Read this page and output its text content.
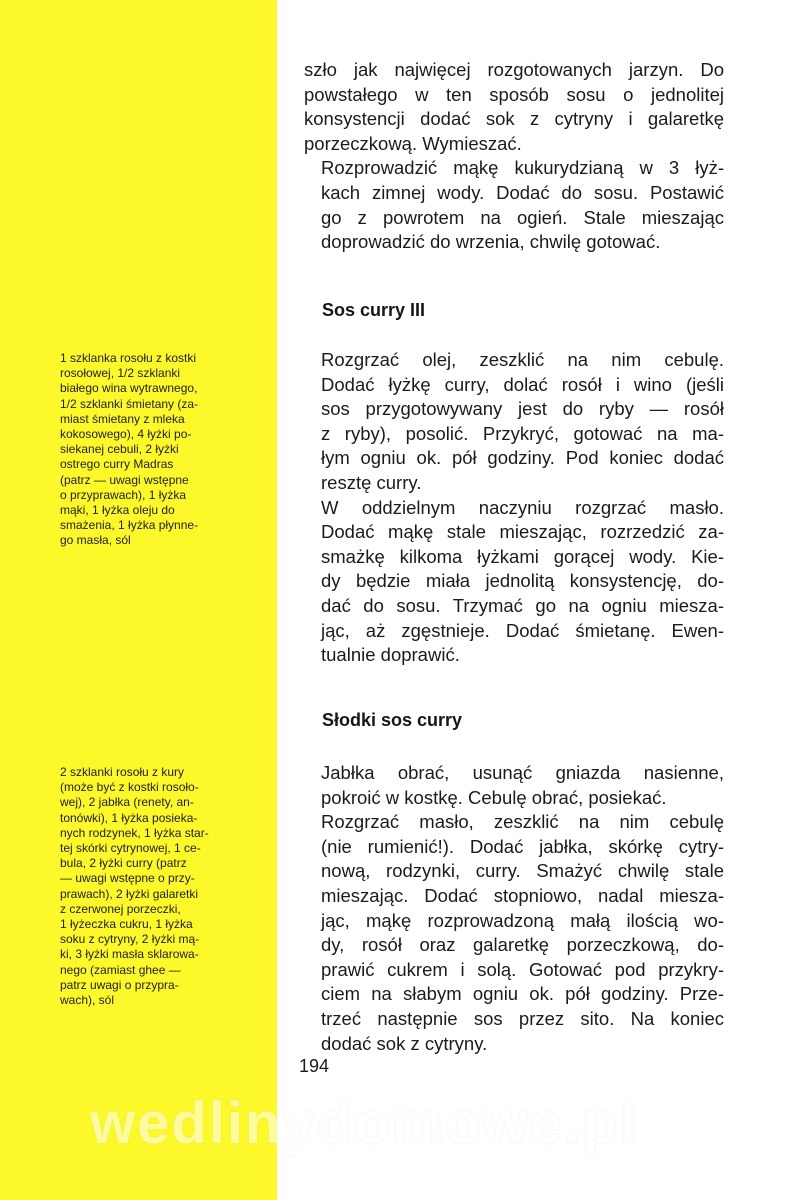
1 szklanka rosołu z kostki
rosołowej, 1/2 szklanki
białego wina wytrawnego,
1/2 szklanki śmietany (za-
miast śmietany z mleka
kokosowego), 4 łyżki po-
siekanej cebuli, 2 łyżki
ostrego curry Madras
(patrz — uwagi wstępne
o przyprawach), 1 łyżka
mąki, 1 łyżka oleju do
smażenia, 1 łyżka płynne-
go masła, sól
2 szklanki rosołu z kury
(może być z kostki rosoło-
wej), 2 jabłka (renety, an-
tonówki), 1 łyżka posieka-
nych rodzynek, 1 łyżka star-
tej skórki cytrynowej, 1 ce-
bula, 2 łyżki curry (patrz
— uwagi wstępne o przy-
prawach), 2 łyżki galaretki
z czerwonej porzeczki,
1 łyżeczka cukru, 1 łyżka
soku z cytryny, 2 łyżki mą-
ki, 3 łyżki masła sklarowa-
nego (zamiast ghee —
patrz uwagi o przypra-
wach), sól

szło jak najwięcej rozgotowanych jarzyn. Do
powstałego w ten sposób sosu o jednolitej
konsystencji dodać sok z cytryny i galaretkę
porzeczkową. Wymieszać.

Rozprowadzić mąkę kukurydzianą w 3 łyż-
kach zimnej wody. Dodać do sosu. Postawić
go z powrotem na ogień. Stale mieszając
doprowadzić do wrzenia, chwilę gotować.

Sos curry III

Rozgrzać olej, zeszklić na nim cebulę.
Dodać łyżkę curry, dolać rosół i wino (jeśli
sos przygotowywany jest do ryby — rosół
z ryby), posolić. Przykryć, gotować na ma-
łym ogniu ok. pół godziny. Pod koniec dodać
resztę curry.

W oddzielnym naczyniu rozgrzać masło.
Dodać mąkę stale mieszając, rozrzedzić za-
smażkę kilkoma łyżkami gorącej wody. Kie-
dy będzie miała jednolitą konsystencję, do-
dać do sosu. Trzymać go na ogniu miesza-
jąc, aż zgęstnieje. Dodać śmietanę. Ewen-
tualnie doprawić.

Słodki sos curry

Jabłka obrać, usunąć gniazda nasienne,
pokroić w kostkę. Cebulę obrać, posiekać.

Rozgrzać masło, zeszklić na nim cebulę
(nie rumienić!). Dodać jabłka, skórkę cytry-
nową, rodzynki, curry. Smażyć chwilę stale
mieszając. Dodać stopniowo, nadal miesza-
jąc, mąkę rozprowadzoną małą ilością wo-
dy, rosół oraz galaretkę porzeczkową, do-
prawić cukrem i solą. Gotować pod przykry-
ciem na słabym ogniu ok. pół godziny. Prze-
trzeć następnie sos przez sito. Na koniec
dodać sok z cytryny.

194
wedlinydomowe.pl
